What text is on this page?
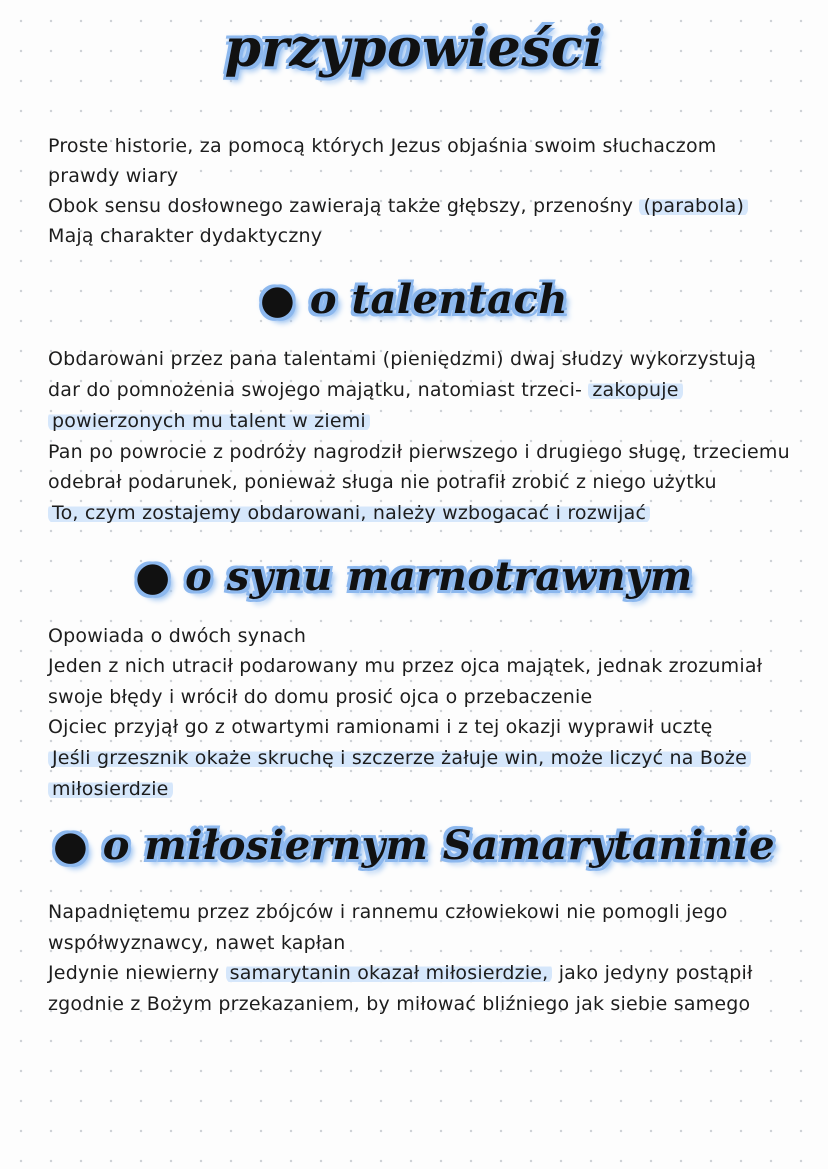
przypowieści
Proste historie, za pomocą których Jezus objaśnia swoim słuchaczom
prawdy wiary
Obok sensu dosłownego zawierają także głębszy, przenośny (parabola)
Mają charakter dydaktyczny
● o talentach
Obdarowani przez pana talentami (pieniędzmi) dwaj słudzy wykorzystują
dar do pomnożenia swojego majątku, natomiast trzeci- zakopuje
powierzonych mu talent w ziemi
Pan po powrocie z podróży nagrodził pierwszego i drugiego sługę, trzeciemu
odebrał podarunek, ponieważ sługa nie potrafił zrobić z niego użytku
To, czym zostajemy obdarowani, należy wzbogacać i rozwijać
● o synu marnotrawnym
Opowiada o dwóch synach
Jeden z nich utracił podarowany mu przez ojca majątek, jednak zrozumiał
swoje błędy i wrócił do domu prosić ojca o przebaczenie
Ojciec przyjął go z otwartymi ramionami i z tej okazji wyprawił ucztę
Jeśli grzesznik okaże skruchę i szczerze żałuje win, może liczyć na Boże
miłosierdzie
● o miłosiernym Samarytaninie
Napadniętemu przez zbójców i rannemu człowiekowi nie pomogli jego
współwyznawcy, nawet kapłan
Jedynie niewierny samarytanin okazał miłosierdzie, jako jedyny postąpił
zgodnie z Bożym przekazaniem, by miłować bliźniego jak siebie samego
